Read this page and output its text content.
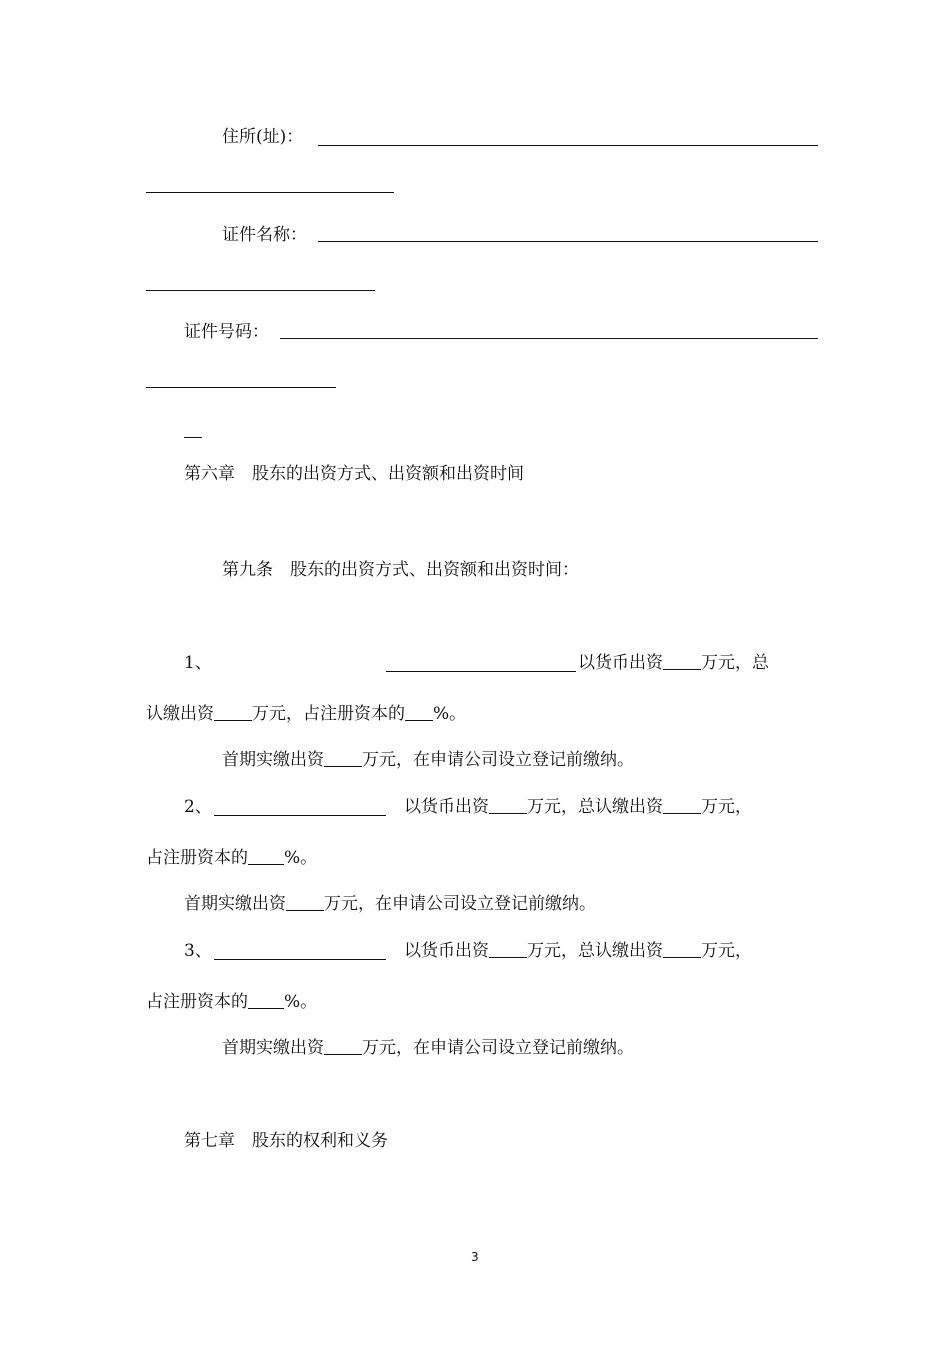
住所(址)：
证件名称：
证件号码：
第六章　股东的出资方式、出资额和出资时间
第九条　股东的出资方式、出资额和出资时间：
1、	以货币出资 万元，总
认缴出资 万元，占注册资本的 %。
首期实缴出资 万元，在申请公司设立登记前缴纳。
2、	以货币出资 万元，总认缴出资 万元，
占注册资本的 %。
首期实缴出资 万元，在申请公司设立登记前缴纳。
3、	以货币出资 万元，总认缴出资 万元，
占注册资本的 %。
首期实缴出资 万元，在申请公司设立登记前缴纳。
第七章　股东的权利和义务
3
